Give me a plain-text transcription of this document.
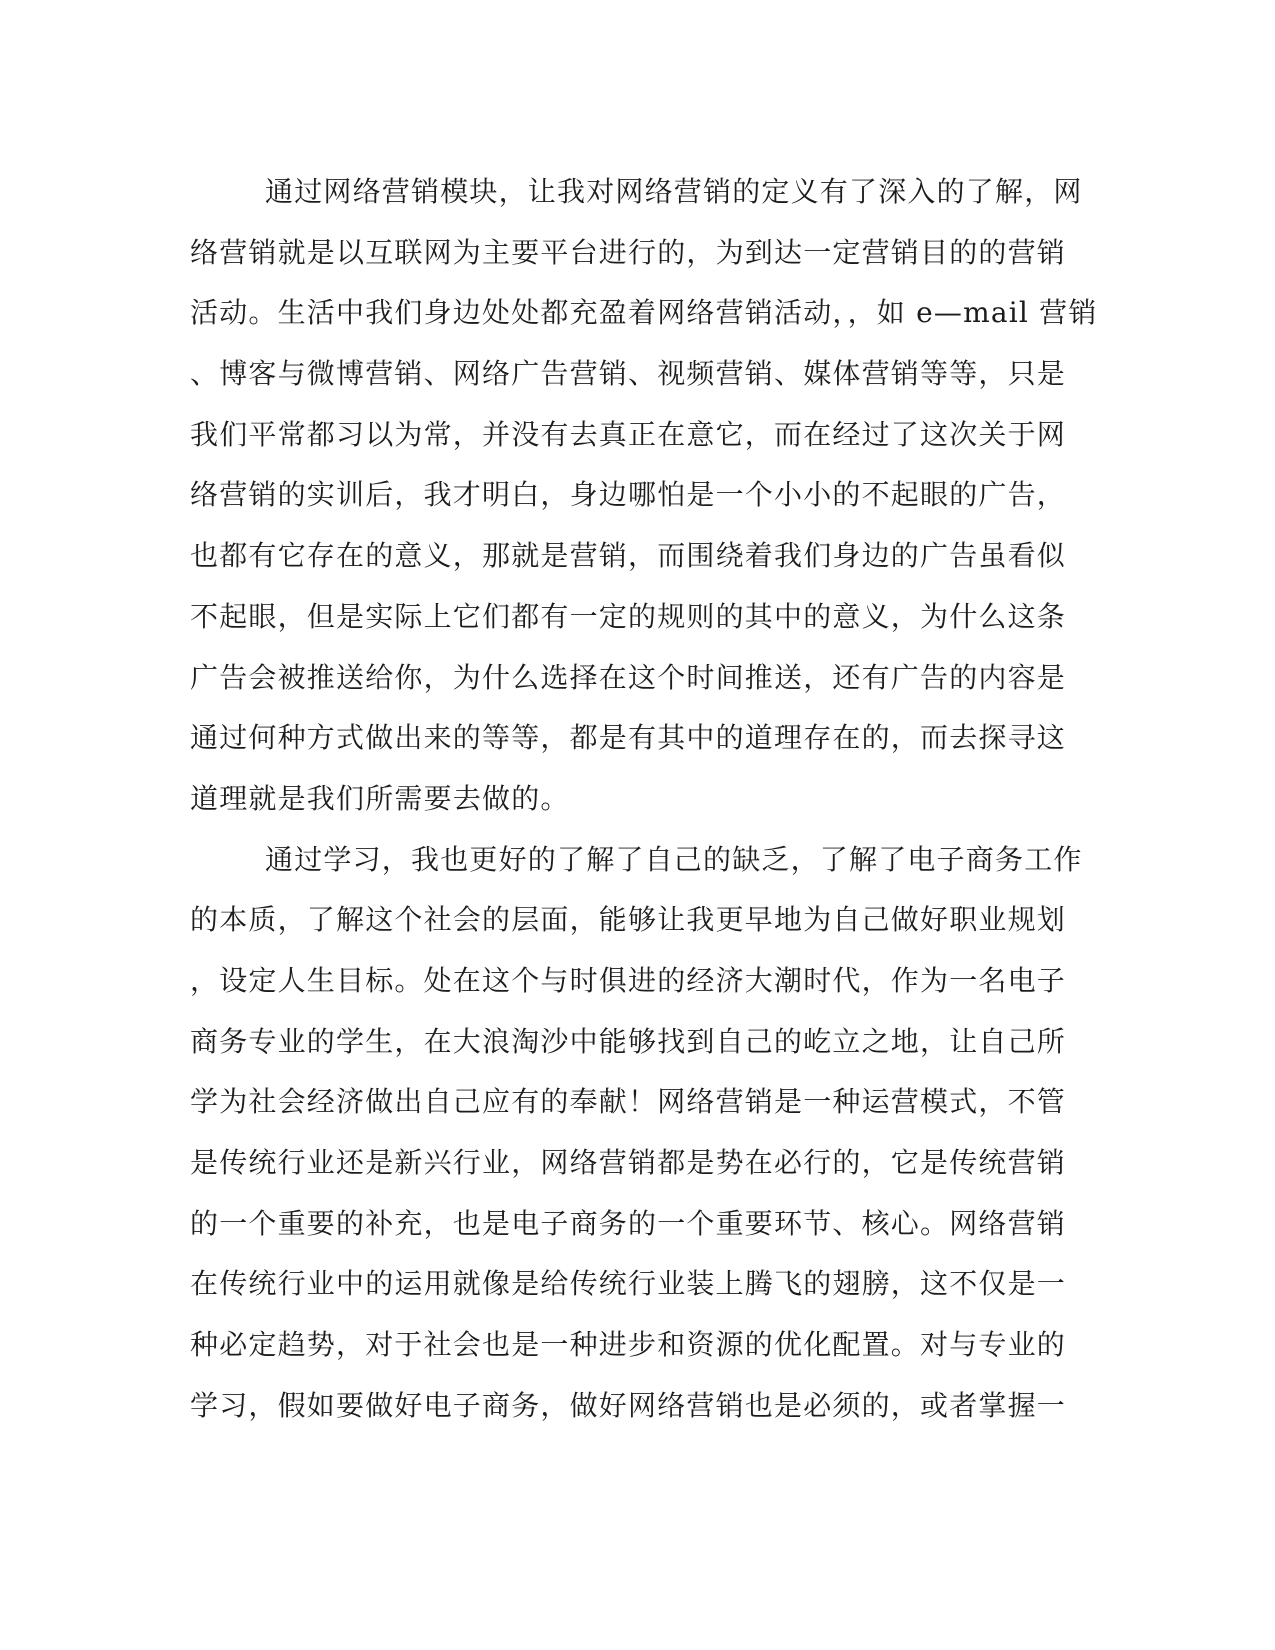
通过网络营销模块，让我对网络营销的定义有了深入的了解，网
络营销就是以互联网为主要平台进行的，为到达一定营销目的的营销
活动。生活中我们身边处处都充盈着网络营销活动，，如 e—mail 营销
、博客与微博营销、网络广告营销、视频营销、媒体营销等等，只是
我们平常都习以为常，并没有去真正在意它，而在经过了这次关于网
络营销的实训后，我才明白，身边哪怕是一个小小的不起眼的广告，
也都有它存在的意义，那就是营销，而围绕着我们身边的广告虽看似
不起眼，但是实际上它们都有一定的规则的其中的意义，为什么这条
广告会被推送给你，为什么选择在这个时间推送，还有广告的内容是
通过何种方式做出来的等等，都是有其中的道理存在的，而去探寻这
道理就是我们所需要去做的。
通过学习，我也更好的了解了自己的缺乏，了解了电子商务工作
的本质，了解这个社会的层面，能够让我更早地为自己做好职业规划
，设定人生目标。处在这个与时俱进的经济大潮时代，作为一名电子
商务专业的学生，在大浪淘沙中能够找到自己的屹立之地，让自己所
学为社会经济做出自己应有的奉献！网络营销是一种运营模式，不管
是传统行业还是新兴行业，网络营销都是势在必行的，它是传统营销
的一个重要的补充，也是电子商务的一个重要环节、核心。网络营销
在传统行业中的运用就像是给传统行业装上腾飞的翅膀，这不仅是一
种必定趋势，对于社会也是一种进步和资源的优化配置。对与专业的
学习，假如要做好电子商务，做好网络营销也是必须的，或者掌握一
